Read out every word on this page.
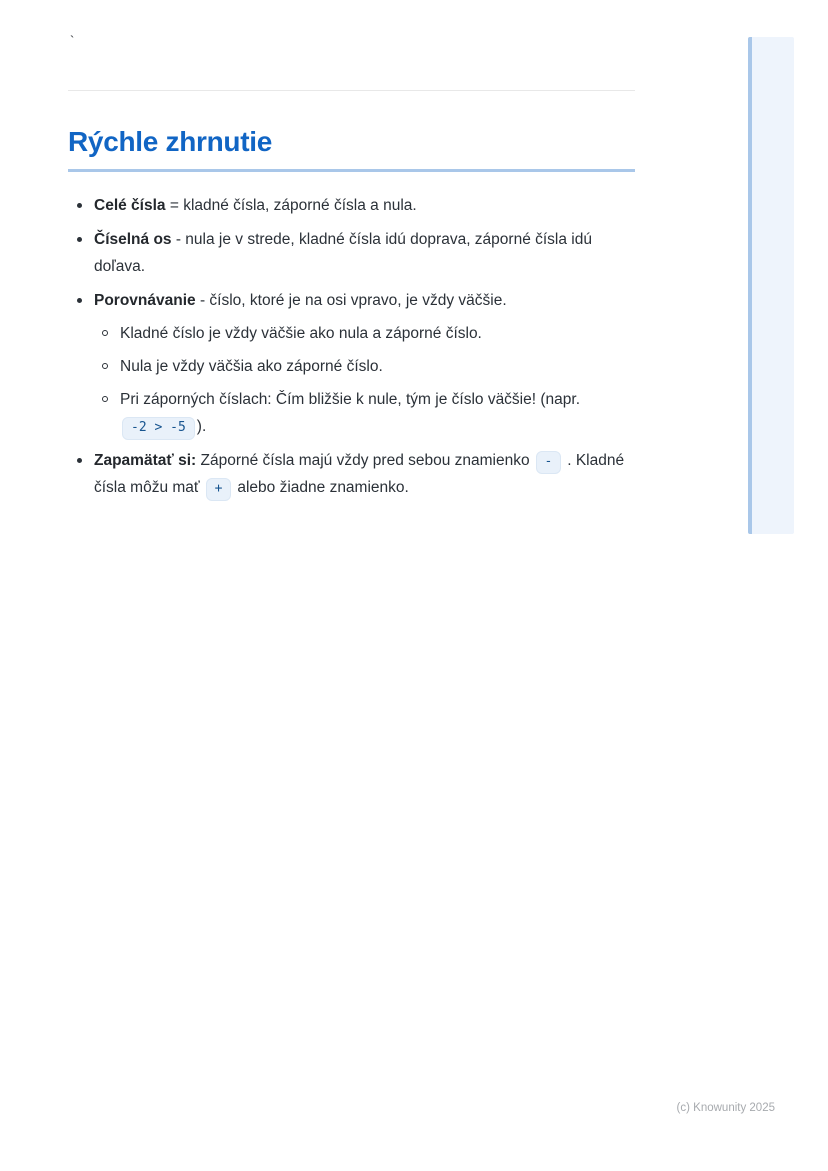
`
Rýchle zhrnutie
Celé čísla = kladné čísla, záporné čísla a nula.
Číselná os - nula je v strede, kladné čísla idú doprava, záporné čísla idú doľava.
Porovnávanie - číslo, ktoré je na osi vpravo, je vždy väčšie.
Kladné číslo je vždy väčšie ako nula a záporné číslo.
Nula je vždy väčšia ako záporné číslo.
Pri záporných číslach: Čím bližšie k nule, tým je číslo väčšie! (napr. -2 > -5 ).
Zapamätať si: Záporné čísla majú vždy pred sebou znamienko - . Kladné čísla môžu mať + alebo žiadne znamienko.
(c) Knowunity 2025
